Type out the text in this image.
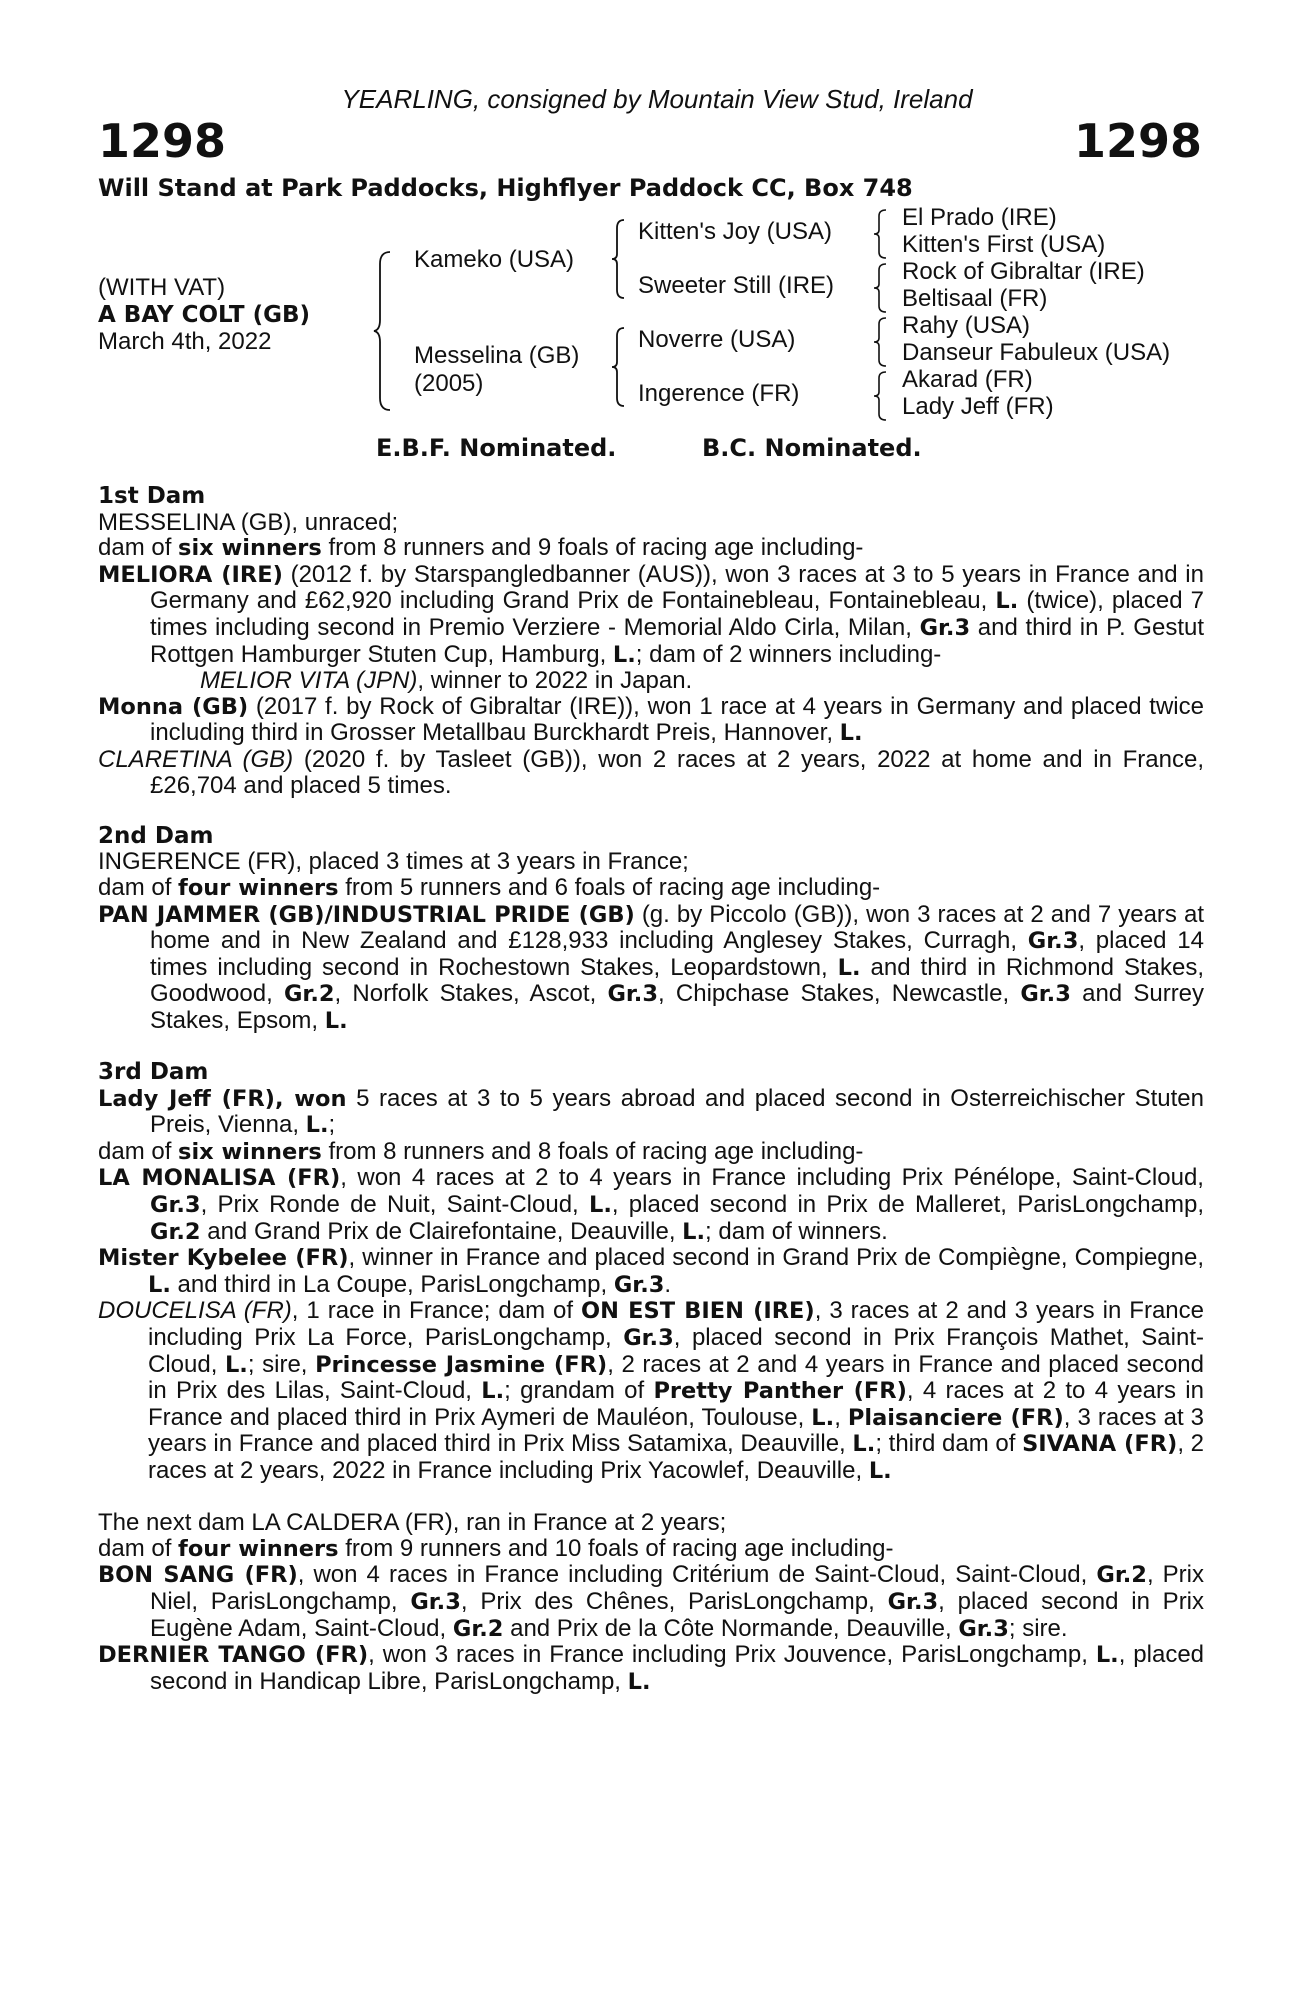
YEARLING, consigned by Mountain View Stud, Ireland
1298	1298
Will Stand at Park Paddocks, Highflyer Paddock CC, Box 748
(WITH VAT)
A BAY COLT (GB)
March 4th, 2022
Kameko (USA)
Messelina (GB)
(2005)
Kitten's Joy (USA)
Sweeter Still (IRE)
Noverre (USA)
Ingerence (FR)
El Prado (IRE)
Kitten's First (USA)
Rock of Gibraltar (IRE)
Beltisaal (FR)
Rahy (USA)
Danseur Fabuleux (USA)
Akarad (FR)
Lady Jeff (FR)
E.B.F. Nominated.	B.C. Nominated.
1st Dam

MESSELINA (GB), unraced;

dam of six winners from 8 runners and 9 foals of racing age including-

MELIORA (IRE) (2012 f. by Starspangledbanner (AUS)), won 3 races at 3 to 5 years in France and in Germany and £62,920 including Grand Prix de Fontainebleau, Fontainebleau, L. (twice), placed 7 times including second in Premio Verziere - Memorial Aldo Cirla, Milan, Gr.3 and third in P. Gestut Rottgen Hamburger Stuten Cup, Hamburg, L.; dam of 2 winners including-

MELIOR VITA (JPN), winner to 2022 in Japan.

Monna (GB) (2017 f. by Rock of Gibraltar (IRE)), won 1 race at 4 years in Germany and placed twice including third in Grosser Metallbau Burckhardt Preis, Hannover, L.

CLARETINA (GB) (2020 f. by Tasleet (GB)), won 2 races at 2 years, 2022 at home and in France, £26,704 and placed 5 times.

2nd Dam

INGERENCE (FR), placed 3 times at 3 years in France;

dam of four winners from 5 runners and 6 foals of racing age including-

PAN JAMMER (GB)/INDUSTRIAL PRIDE (GB) (g. by Piccolo (GB)), won 3 races at 2 and 7 years at home and in New Zealand and £128,933 including Anglesey Stakes, Curragh, Gr.3, placed 14 times including second in Rochestown Stakes, Leopardstown, L. and third in Richmond Stakes, Goodwood, Gr.2, Norfolk Stakes, Ascot, Gr.3, Chipchase Stakes, Newcastle, Gr.3 and Surrey Stakes, Epsom, L.

3rd Dam

Lady Jeff (FR), won 5 races at 3 to 5 years abroad and placed second in Osterreichischer Stuten Preis, Vienna, L.;

dam of six winners from 8 runners and 8 foals of racing age including-

LA MONALISA (FR), won 4 races at 2 to 4 years in France including Prix Pénélope, Saint-Cloud, Gr.3, Prix Ronde de Nuit, Saint-Cloud, L., placed second in Prix de Malleret, ParisLongchamp, Gr.2 and Grand Prix de Clairefontaine, Deauville, L.; dam of winners.

Mister Kybelee (FR), winner in France and placed second in Grand Prix de Compiègne, Compiegne, L. and third in La Coupe, ParisLongchamp, Gr.3.

DOUCELISA (FR), 1 race in France; dam of ON EST BIEN (IRE), 3 races at 2 and 3 years in France including Prix La Force, ParisLongchamp, Gr.3, placed second in Prix François Mathet, Saint-Cloud, L.; sire, Princesse Jasmine (FR), 2 races at 2 and 4 years in France and placed second in Prix des Lilas, Saint-Cloud, L.; grandam of Pretty Panther (FR), 4 races at 2 to 4 years in France and placed third in Prix Aymeri de Mauléon, Toulouse, L., Plaisanciere (FR), 3 races at 3 years in France and placed third in Prix Miss Satamixa, Deauville, L.; third dam of SIVANA (FR), 2 races at 2 years, 2022 in France including Prix Yacowlef, Deauville, L.

The next dam LA CALDERA (FR), ran in France at 2 years;

dam of four winners from 9 runners and 10 foals of racing age including-

BON SANG (FR), won 4 races in France including Critérium de Saint-Cloud, Saint-Cloud, Gr.2, Prix Niel, ParisLongchamp, Gr.3, Prix des Chênes, ParisLongchamp, Gr.3, placed second in Prix Eugène Adam, Saint-Cloud, Gr.2 and Prix de la Côte Normande, Deauville, Gr.3; sire.

DERNIER TANGO (FR), won 3 races in France including Prix Jouvence, ParisLongchamp, L., placed second in Handicap Libre, ParisLongchamp, L.
